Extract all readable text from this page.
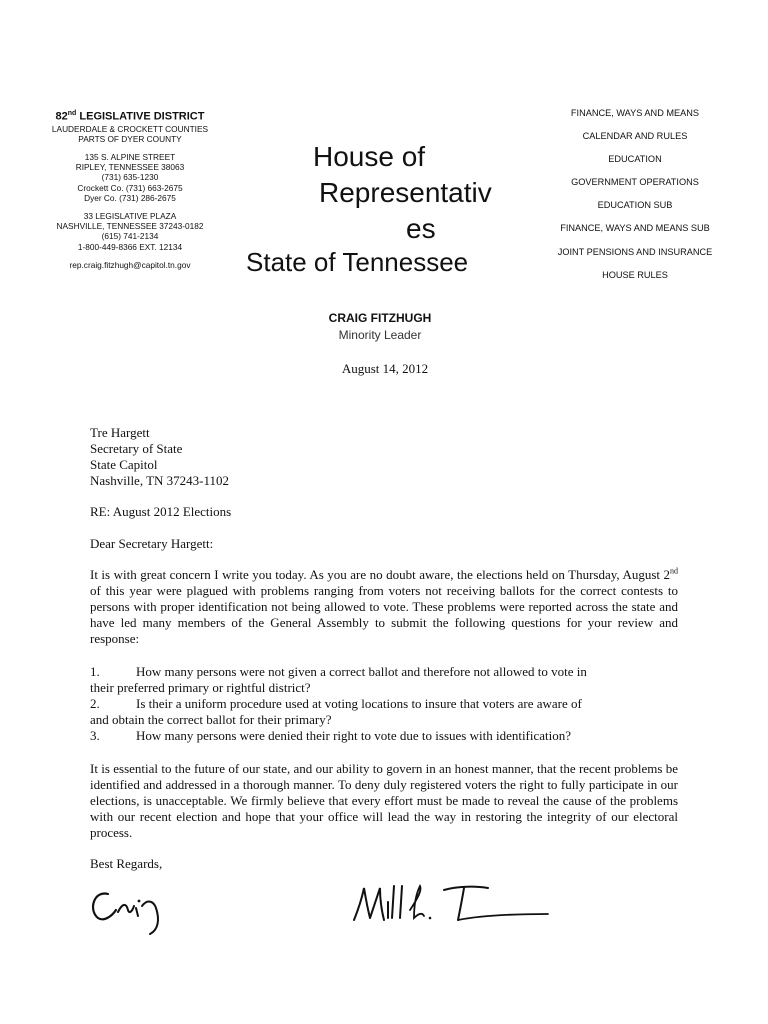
82nd LEGISLATIVE DISTRICT
LAUDERDALE & CROCKETT COUNTIES
PARTS OF DYER COUNTY
135 S. ALPINE STREET
RIPLEY, TENNESSEE 38063
(731) 635-1230
Crockett Co. (731) 663-2675
Dyer Co. (731) 286-2675
33 LEGISLATIVE PLAZA
NASHVILLE, TENNESSEE 37243-0182
(615) 741-2134
1-800-449-8366 EXT. 12134
rep.craig.fitzhugh@capitol.tn.gov
House of
Representativ
es
State of Tennessee
FINANCE, WAYS AND MEANS
CALENDAR AND RULES
EDUCATION
GOVERNMENT OPERATIONS
EDUCATION SUB
FINANCE, WAYS AND MEANS SUB
JOINT PENSIONS AND INSURANCE
HOUSE RULES
CRAIG FITZHUGH
Minority Leader
August 14, 2012
Tre Hargett
Secretary of State
State Capitol
Nashville, TN 37243-1102
RE: August 2012 Elections
Dear Secretary Hargett:
It is with great concern I write you today. As you are no doubt aware, the elections held on Thursday, August 2nd of this year were plagued with problems ranging from voters not receiving ballots for the correct contests to persons with proper identification not being allowed to vote. These problems were reported across the state and have led many members of the General Assembly to submit the following questions for your review and response:
1.	How many persons were not given a correct ballot and therefore not allowed to vote in
their preferred primary or rightful district?
2.	Is their a uniform procedure used at voting locations to insure that voters are aware of
and obtain the correct ballot for their primary?
3.	How many persons were denied their right to vote due to issues with identification?
It is essential to the future of our state, and our ability to govern in an honest manner, that the recent problems be identified and addressed in a thorough manner. To deny duly registered voters the right to fully participate in our elections, is unacceptable. We firmly believe that every effort must be made to reveal the cause of the problems with our recent election and hope that your office will lead the way in restoring the integrity of our electoral process.
Best Regards,
